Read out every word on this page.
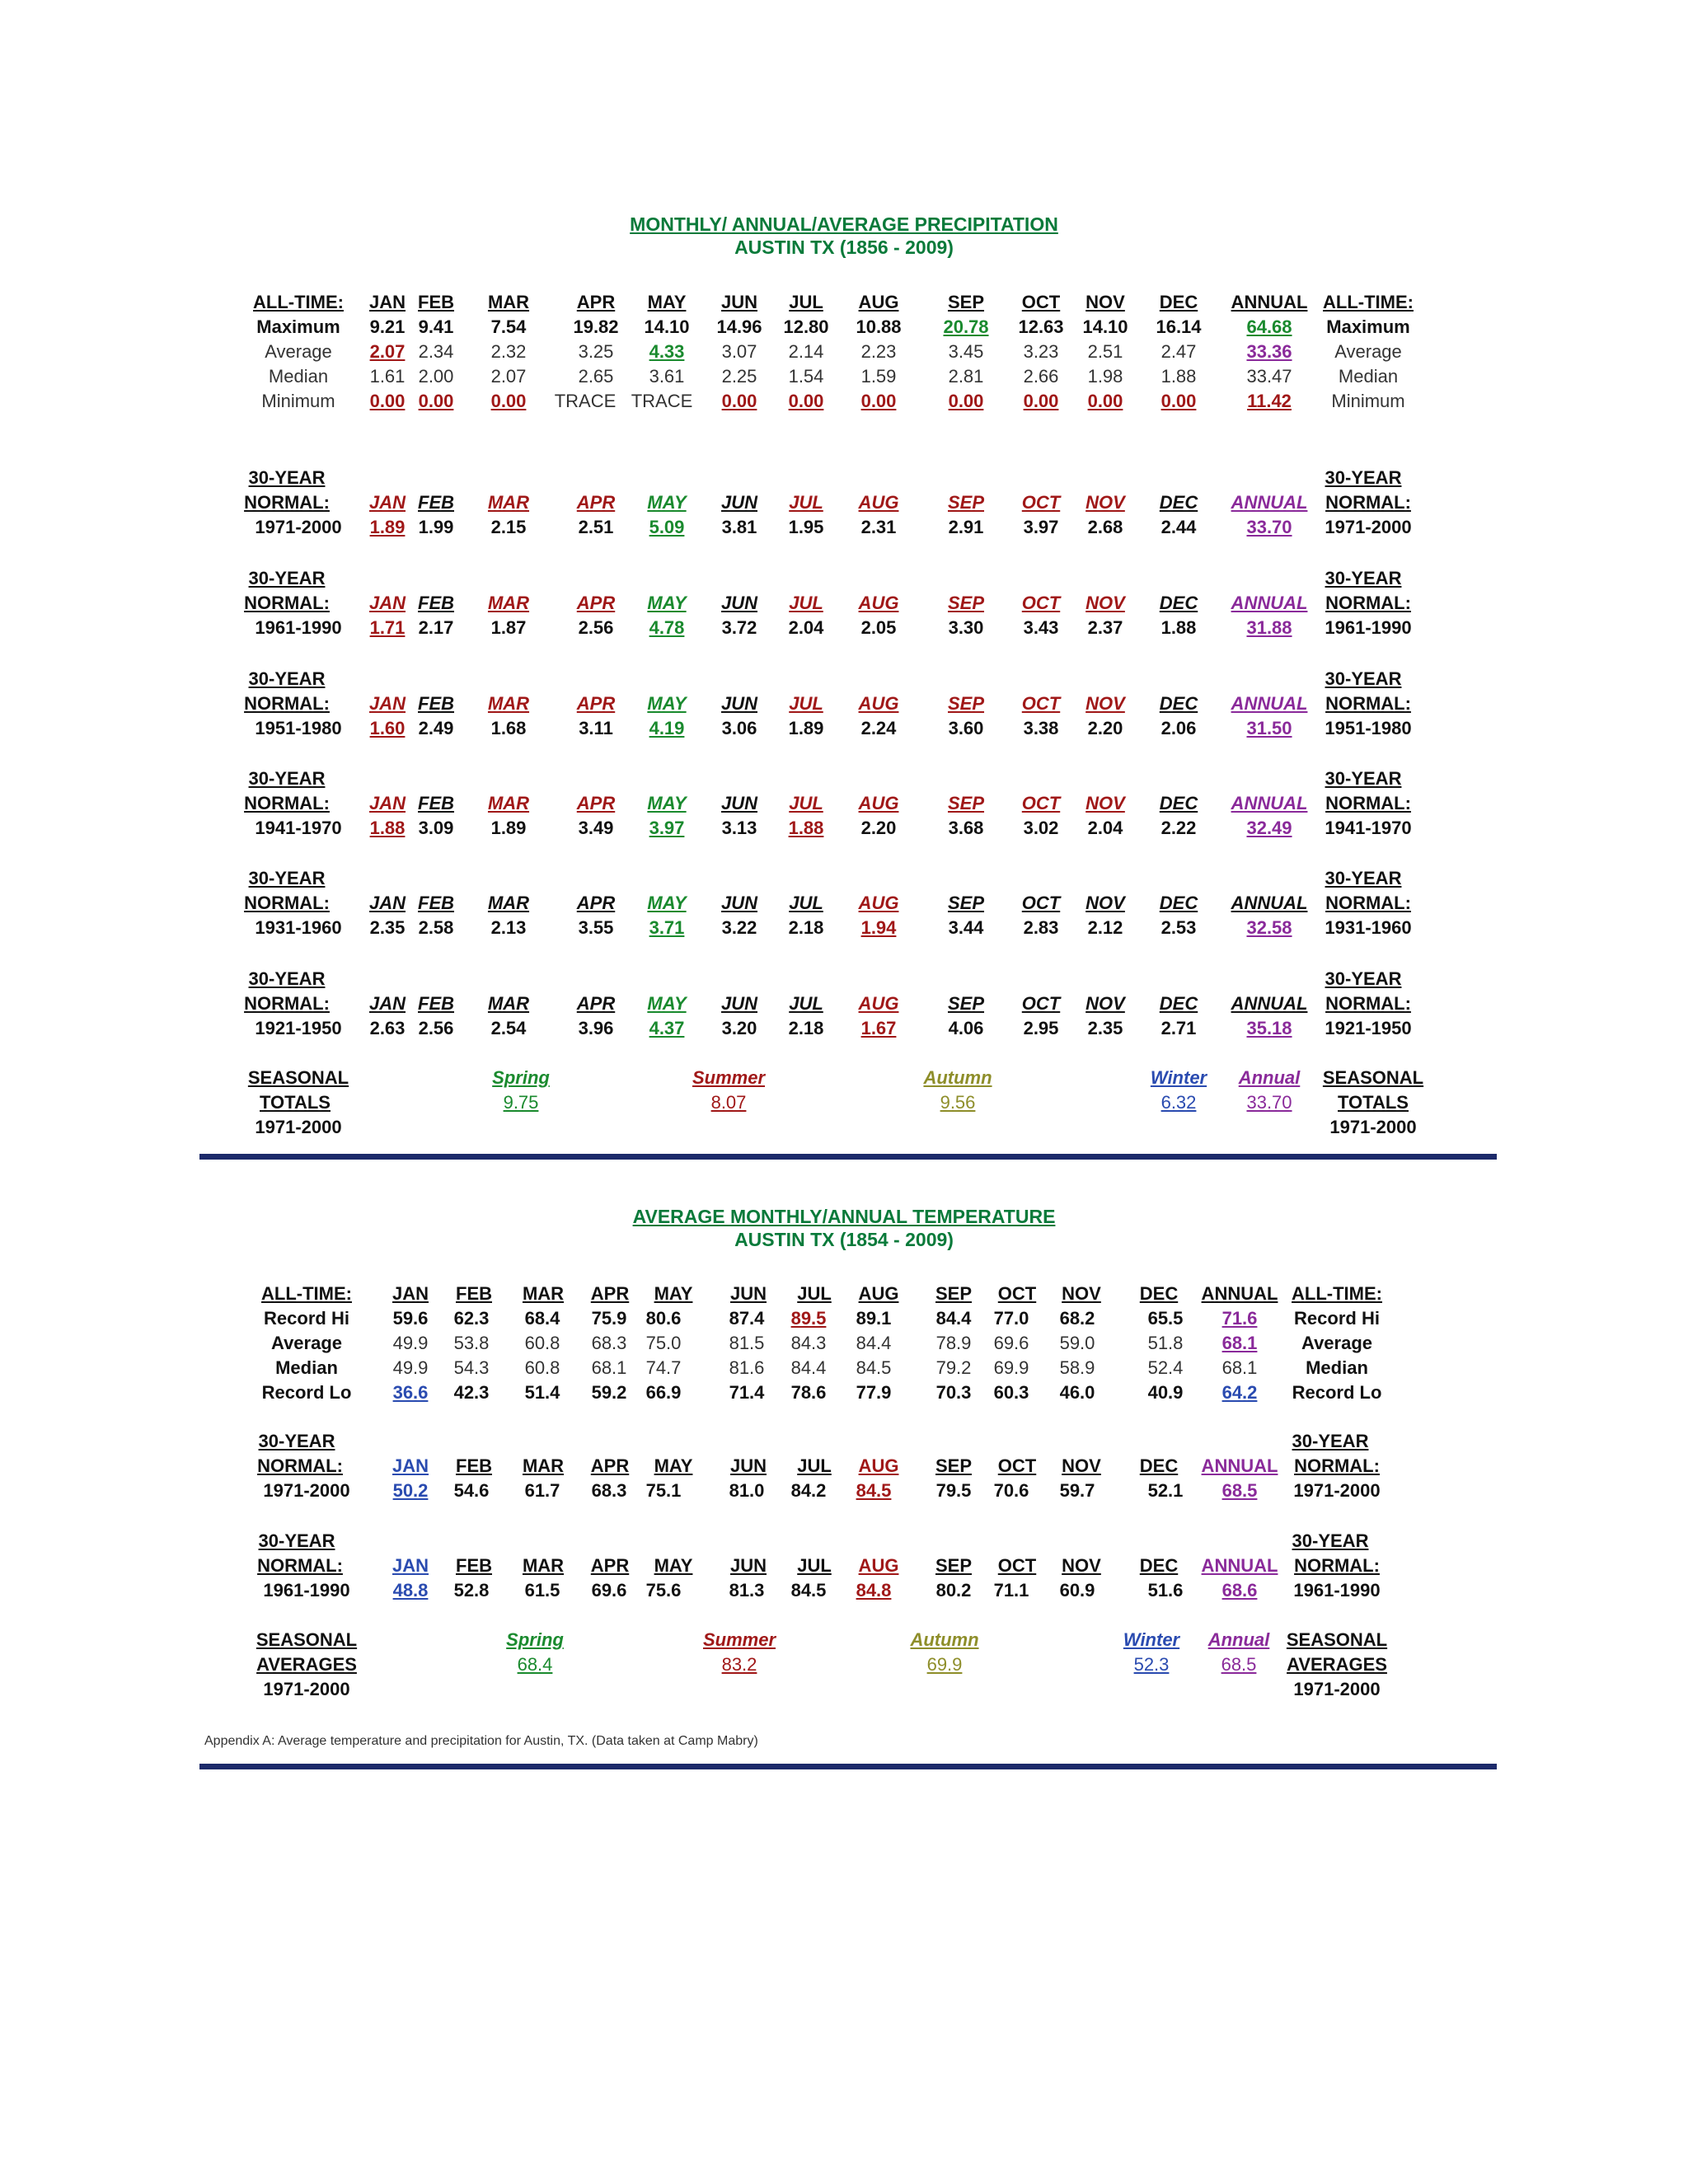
MONTHLY/ ANNUAL/AVERAGE PRECIPITATION
AUSTIN TX (1856 - 2009)
ALL-TIME: JAN FEB MAR	APR MAY JUN JUL AUG	SEP OCT NOV DEC ANNUAL ALL-TIME:
Maximum 9.21 9.41 7.54	19.82 14.10 14.96 12.80 10.88 20.78 12.63 14.10 16.14 64.68 Maximum
Average 2.07 2.34 2.32	3.25 4.33 3.07 2.14 2.23	3.45 3.23 2.51 2.47	33.36 Average
Median 1.61 2.00 2.07	2.65 3.61 2.25 1.54 1.59	2.81 2.66 1.98 1.88	33.47	Median
Minimum 0.00 0.00 0.00 TRACE TRACE 0.00 0.00 0.00	0.00 0.00 0.00 0.00	11.42 Minimum
30-YEAR	30-YEAR
NORMAL: JAN FEB MAR	APR MAY JUN JUL AUG	SEP OCT NOV DEC ANNUAL NORMAL:
1971-2000 1.89 1.99 2.15	2.51 5.09 3.81 1.95 2.31	2.91 3.97 2.68 2.44	33.70 1971-2000
30-YEAR	30-YEAR
NORMAL: JAN FEB MAR	APR MAY JUN JUL AUG	SEP OCT NOV DEC ANNUAL NORMAL:
1961-1990 1.71 2.17 1.87	2.56 4.78 3.72 2.04 2.05	3.30 3.43 2.37 1.88	31.88 1961-1990
30-YEAR	30-YEAR
NORMAL: JAN FEB MAR	APR MAY JUN JUL AUG	SEP OCT NOV DEC ANNUAL NORMAL:
1951-1980 1.60 2.49 1.68	3.11 4.19 3.06 1.89 2.24	3.60 3.38 2.20 2.06	31.50 1951-1980
30-YEAR	30-YEAR
NORMAL: JAN FEB MAR	APR MAY JUN JUL AUG	SEP OCT NOV DEC ANNUAL NORMAL:
1941-1970 1.88 3.09 1.89	3.49 3.97 3.13 1.88 2.20	3.68 3.02 2.04 2.22	32.49 1941-1970
30-YEAR	30-YEAR
NORMAL: JAN FEB MAR	APR MAY JUN JUL AUG	SEP OCT NOV DEC ANNUAL NORMAL:
1931-1960 2.35 2.58 2.13	3.55 3.71 3.22 2.18 1.94	3.44 2.83 2.12 2.53	32.58 1931-1960
30-YEAR	30-YEAR
NORMAL: JAN FEB MAR	APR MAY JUN JUL AUG	SEP OCT NOV DEC ANNUAL NORMAL:
1921-1950 2.63 2.56 2.54	3.96 4.37 3.20 2.18 1.67	4.06 2.95 2.35 2.71	35.18 1921-1950
SEASONAL	Spring	Summer	Autumn	Winter Annual SEASONAL
TOTALS	9.75	8.07	9.56	6.32	33.70	TOTALS
1971-2000	1971-2000
AVERAGE MONTHLY/ANNUAL TEMPERATURE
AUSTIN TX (1854 - 2009)
ALL-TIME: JAN FEB MAR APR MAY JUN JUL AUG SEP OCT NOV DEC ANNUAL ALL-TIME:
Record Hi 59.6 62.3 68.4 75.9 80.6	87.4 89.5 89.1 84.4 77.0 68.2	65.5 71.6 Record Hi
Average	49.9 53.8 60.8 68.3 75.0	81.5 84.3 84.4 78.9 69.6 59.0	51.8 68.1 Average
Median	49.9 54.3 60.8 68.1 74.7	81.6 84.4 84.5 79.2 69.9 58.9	52.4 68.1	Median
Record Lo 36.6 42.3 51.4 59.2 66.9	71.4 78.6 77.9 70.3 60.3 46.0	40.9 64.2 Record Lo
30-YEAR	30-YEAR
NORMAL:	JAN FEB MAR APR MAY JUN JUL AUG SEP OCT NOV DEC ANNUAL NORMAL:
1971-2000 50.2 54.6 61.7 68.3 75.1	81.0 84.2 84.5 79.5 70.6 59.7	52.1 68.5 1971-2000
30-YEAR	30-YEAR
NORMAL:	JAN FEB MAR APR MAY JUN JUL AUG SEP OCT NOV DEC ANNUAL NORMAL:
1961-1990 48.8 52.8 61.5 69.6 75.6	81.3 84.5 84.8 80.2 71.1 60.9	51.6 68.6 1961-1990
SEASONAL	Spring	Summer	Autumn	Winter Annual SEASONAL
AVERAGES	68.4	83.2	69.9	52.3	68.5 AVERAGES
1971-2000	1971-2000
Appendix A: Average temperature and precipitation for Austin, TX. (Data taken at Camp Mabry)
